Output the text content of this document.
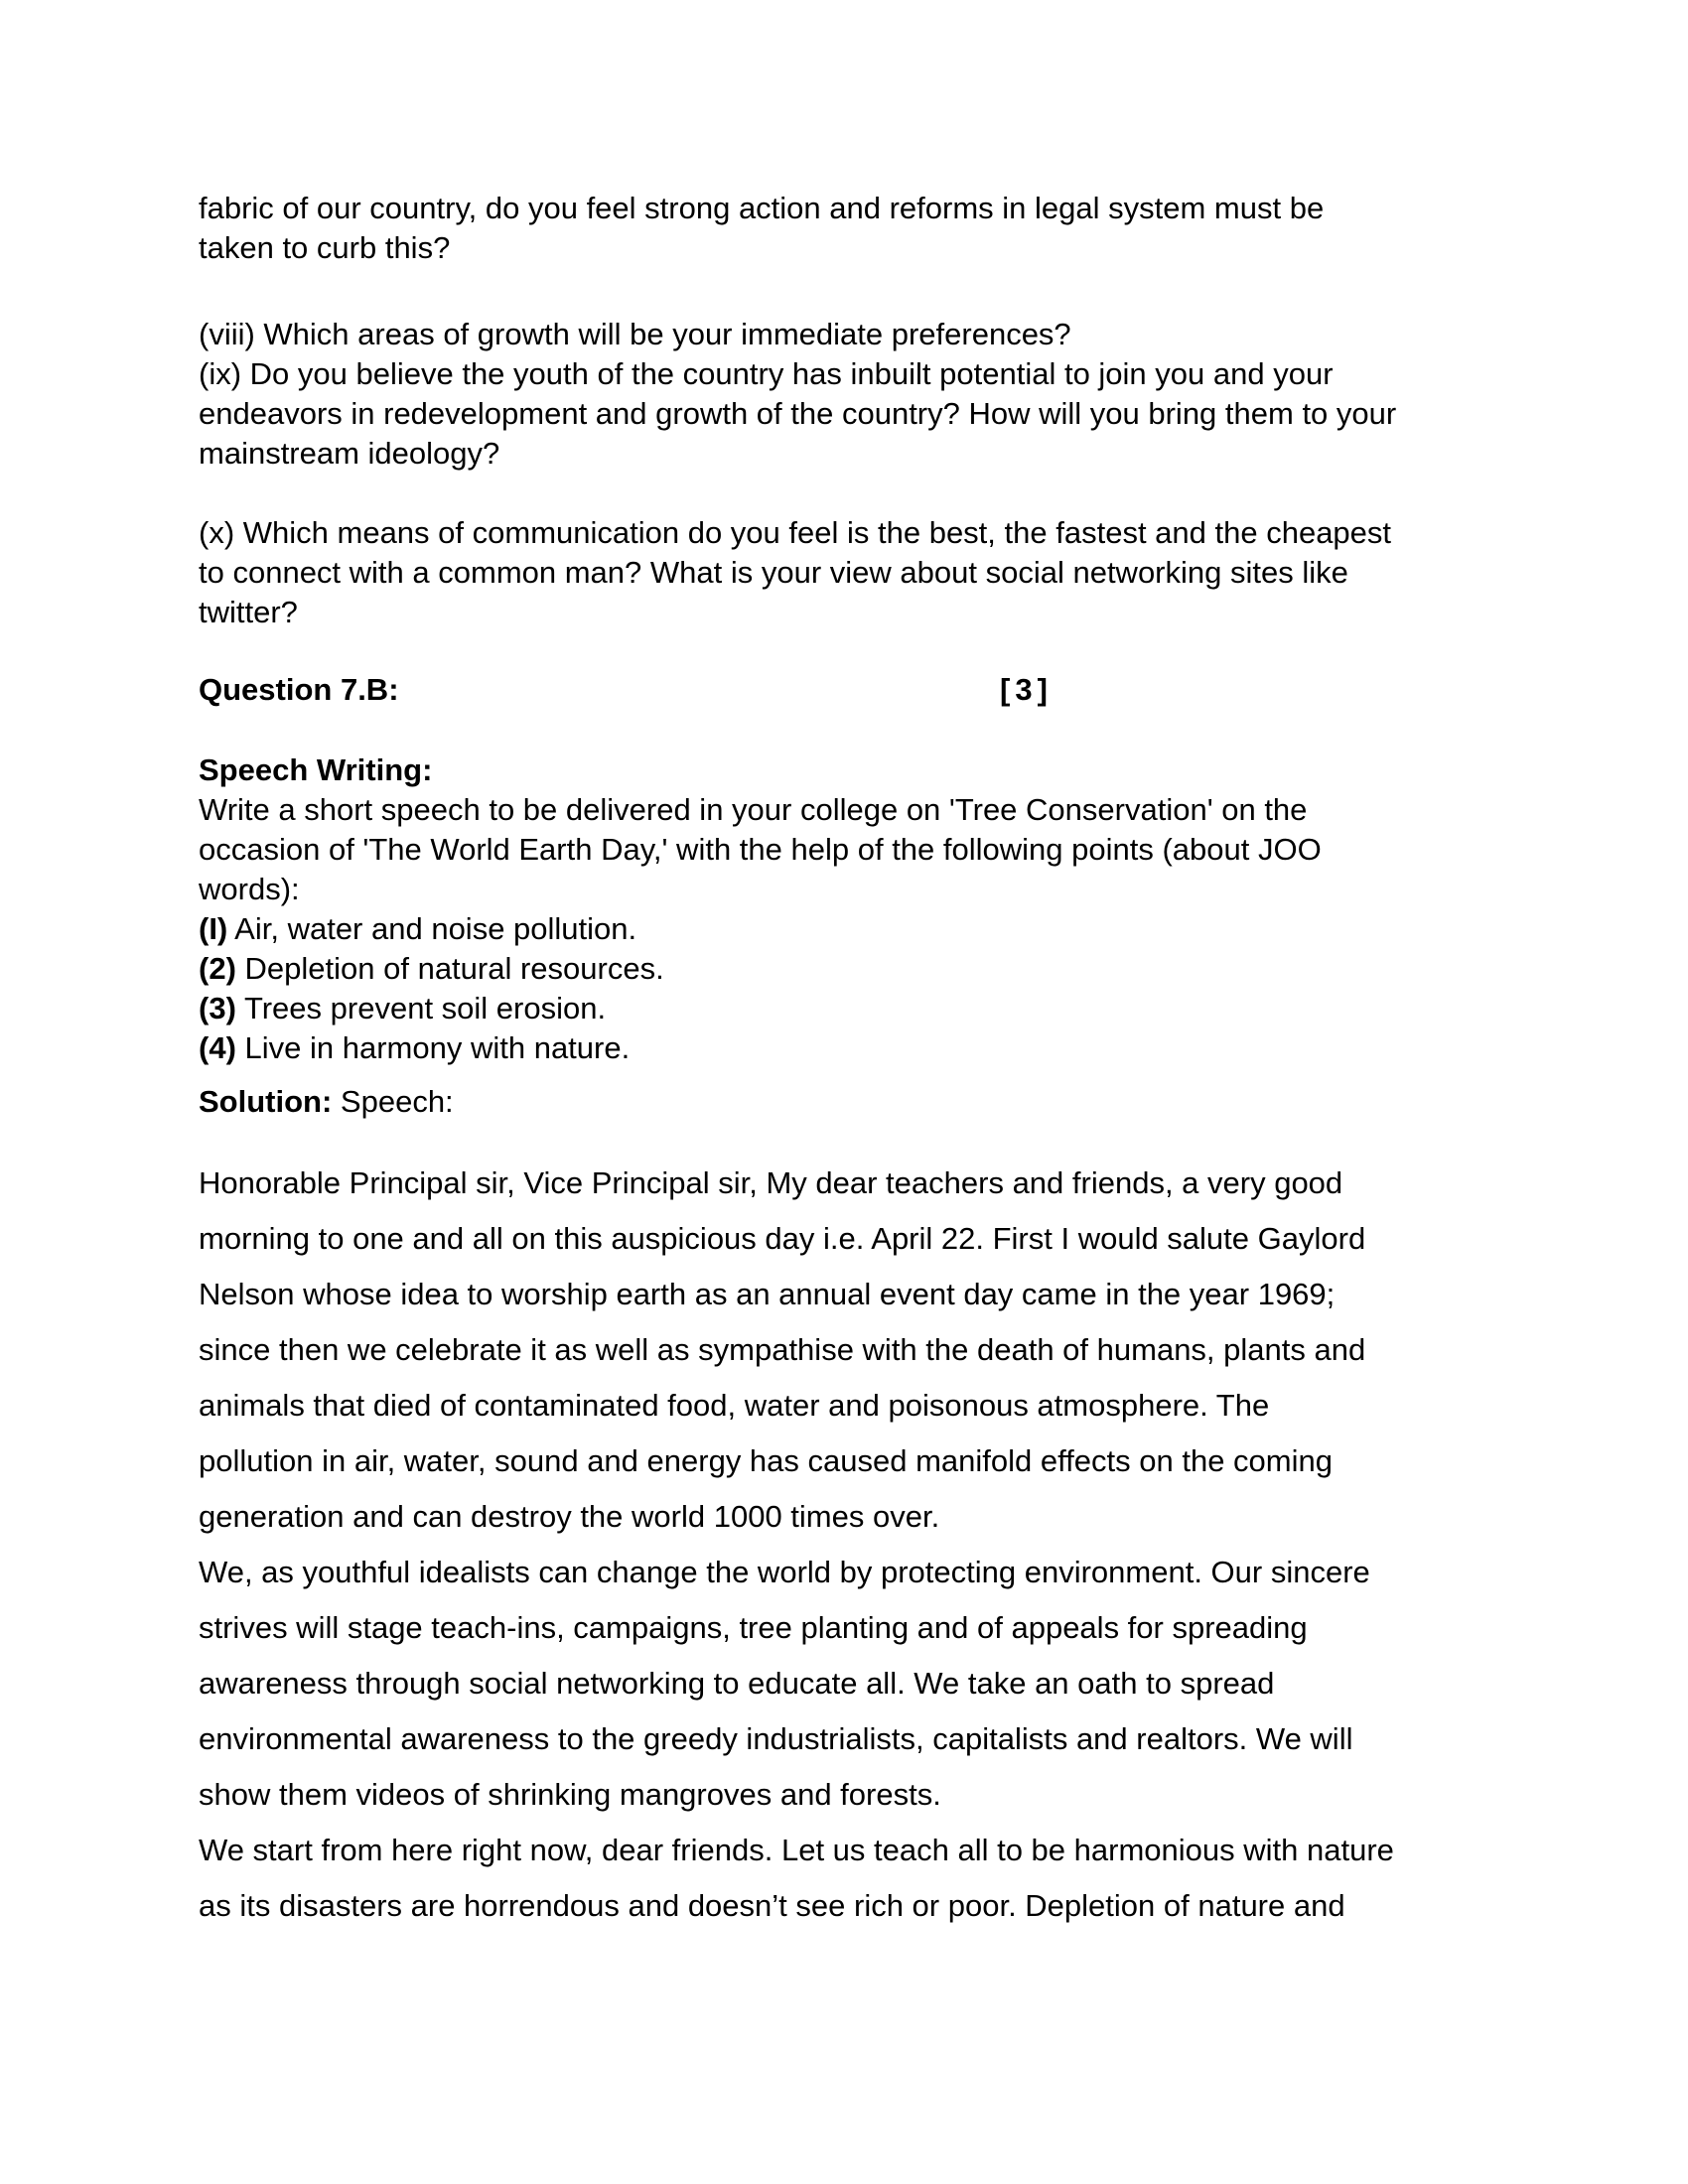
fabric of our country, do you feel strong action and reforms in legal system must be
taken to curb this?
(viii) Which areas of growth will be your immediate preferences?
(ix) Do you believe the youth of the country has inbuilt potential to join you and your
endeavors in redevelopment and growth of the country? How will you bring them to your
mainstream ideology?
(x) Which means of communication do you feel is the best, the fastest and the cheapest
to connect with a common man? What is your view about social networking sites like
twitter?
Question 7.B:	[3]
Speech Writing:
Write a short speech to be delivered in your college on 'Tree Conservation' on the
occasion of 'The World Earth Day,' with the help of the following points (about JOO
words):
(I) Air, water and noise pollution.
(2) Depletion of natural resources.
(3) Trees prevent soil erosion.
(4) Live in harmony with nature.
Solution: Speech:
Honorable Principal sir, Vice Principal sir, My dear teachers and friends, a very good
morning to one and all on this auspicious day i.e. April 22. First I would salute Gaylord
Nelson whose idea to worship earth as an annual event day came in the year 1969;
since then we celebrate it as well as sympathise with the death of humans, plants and
animals that died of contaminated food, water and poisonous atmosphere. The
pollution in air, water, sound and energy has caused manifold effects on the coming
generation and can destroy the world 1000 times over.
We, as youthful idealists can change the world by protecting environment. Our sincere
strives will stage teach-ins, campaigns, tree planting and of appeals for spreading
awareness through social networking to educate all. We take an oath to spread
environmental awareness to the greedy industrialists, capitalists and realtors. We will
show them videos of shrinking mangroves and forests.
We start from here right now, dear friends. Let us teach all to be harmonious with nature
as its disasters are horrendous and doesn’t see rich or poor. Depletion of nature and
